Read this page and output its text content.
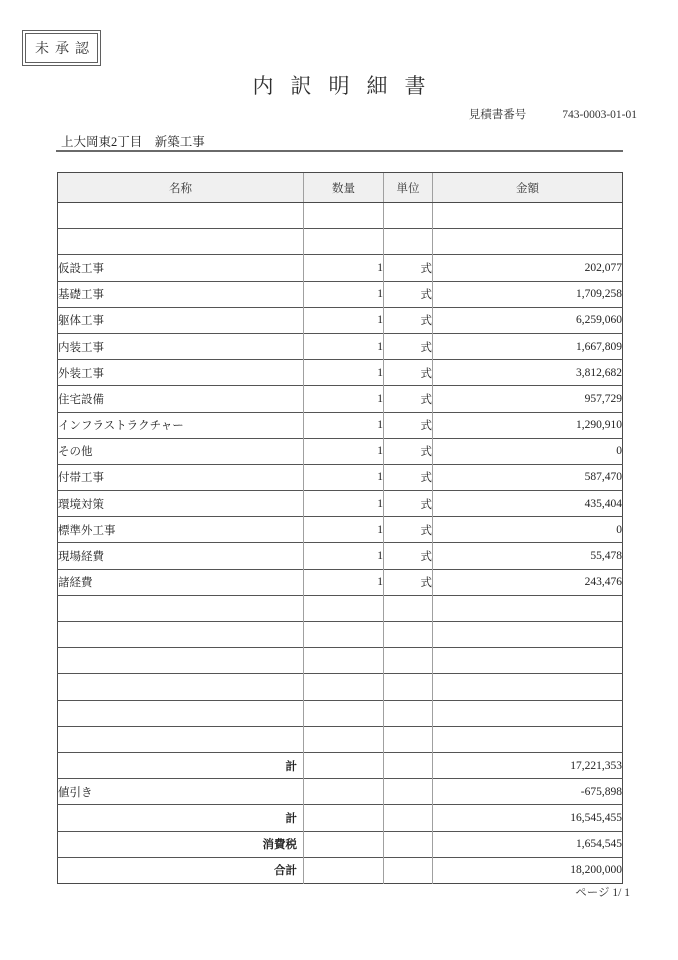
未承認
内訳明細書
見積書番号	743-0003-01-01
上大岡東2丁目　新築工事
名称	数量	単位	金額

仮設工事	1	式	202,077
基礎工事	1	式	1,709,258
躯体工事	1	式	6,259,060
内装工事	1	式	1,667,809
外装工事	1	式	3,812,682
住宅設備	1	式	957,729
インフラストラクチャー	1	式	1,290,910
その他	1	式	0
付帯工事	1	式	587,470
環境対策	1	式	435,404
標準外工事	1	式	0
現場経費	1	式	55,478
諸経費	1	式	243,476

計			17,221,353
値引き			-675,898
計			16,545,455
消費税			1,654,545
合計			18,200,000
ページ 1/ 1
